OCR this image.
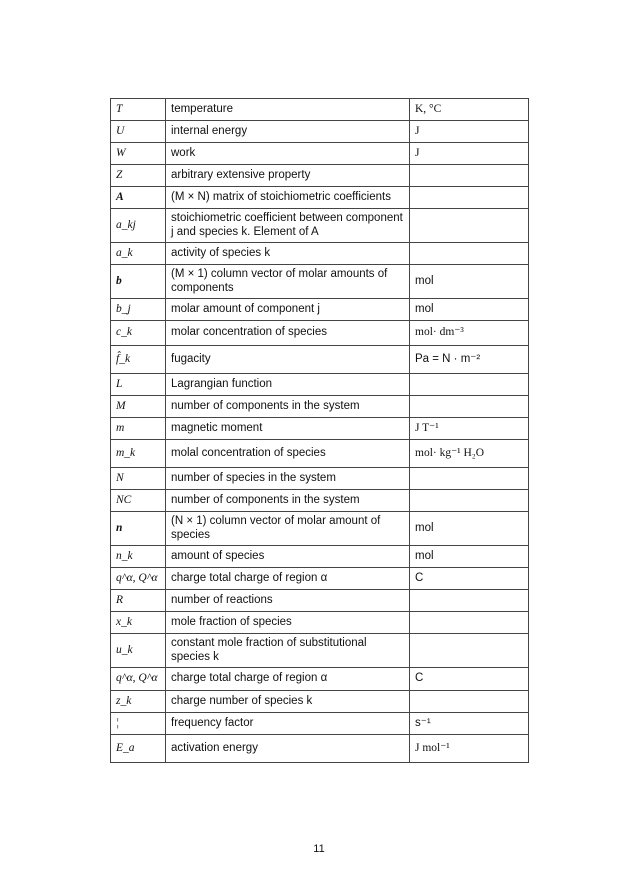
T	temperature	K, °C
U	internal energy	J
W	work	J
Z	arbitrary extensive property	
A	(M × N) matrix of stoichiometric coefficients	
a_kj	stoichiometric coefficient between component j and species k. Element of A	
a_k	activity of species k	
b	(M × 1) column vector of molar amounts of components	mol
b_j	molar amount of component j	mol
c_k	molar concentration of species	mol· dm⁻³
f̂_k	fugacity	Pa = N · m⁻²
L	Lagrangian function	
M	number of components in the system	
m	magnetic moment	J T⁻¹
m_k	molal concentration of species	mol· kg⁻¹ H₂O
N	number of species in the system	
NC	number of components in the system	
n	(N × 1) column vector of molar amount of species	mol
n_k	amount of species	mol
q^α, Q^α	charge total charge of region α	C
R	number of reactions	
x_k	mole fraction of species	
u_k	constant mole fraction of substitutional species k	
q^α, Q^α	charge total charge of region α	C
z_k	charge number of species k	
¦	frequency factor	s⁻¹
E_a	activation energy	J mol⁻¹
11
